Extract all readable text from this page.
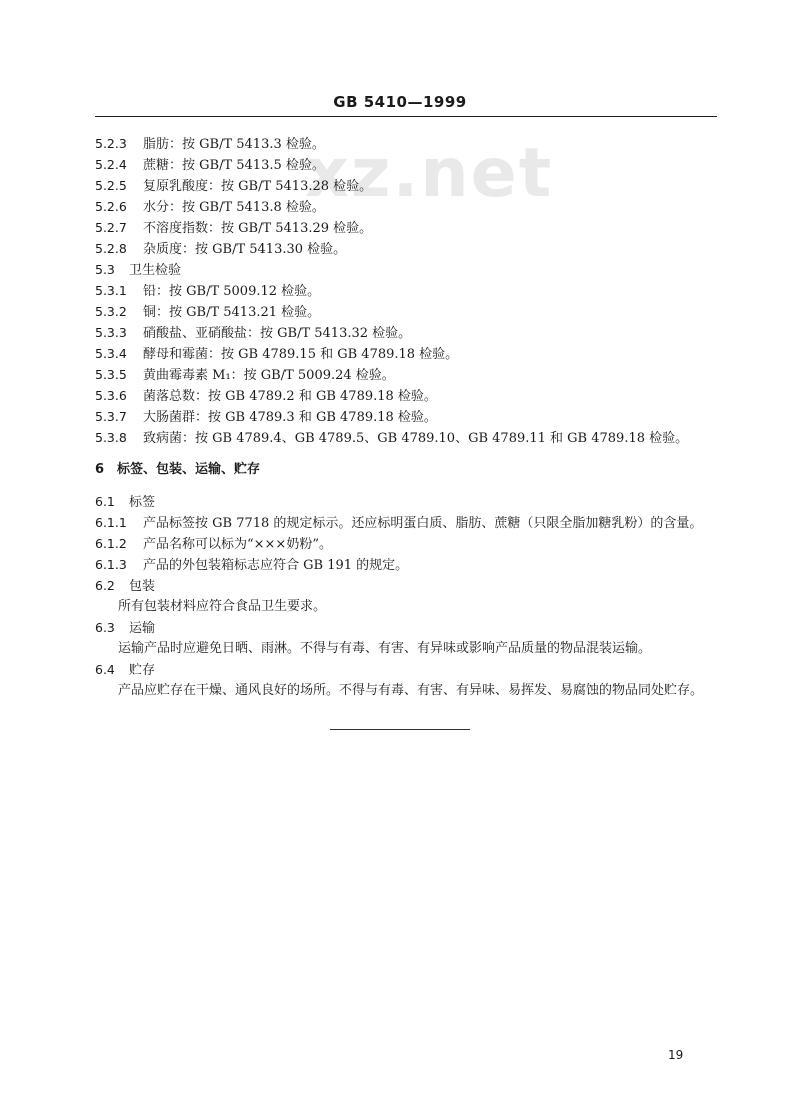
GB 5410—1999
xz.net
5.2.3 脂肪：按 GB/T 5413.3 检验。
5.2.4 蔗糖：按 GB/T 5413.5 检验。
5.2.5 复原乳酸度：按 GB/T 5413.28 检验。
5.2.6 水分：按 GB/T 5413.8 检验。
5.2.7 不溶度指数：按 GB/T 5413.29 检验。
5.2.8 杂质度：按 GB/T 5413.30 检验。
5.3 卫生检验
5.3.1 铅：按 GB/T 5009.12 检验。
5.3.2 铜：按 GB/T 5413.21 检验。
5.3.3 硝酸盐、亚硝酸盐：按 GB/T 5413.32 检验。
5.3.4 酵母和霉菌：按 GB 4789.15 和 GB 4789.18 检验。
5.3.5 黄曲霉毒素 M₁：按 GB/T 5009.24 检验。
5.3.6 菌落总数：按 GB 4789.2 和 GB 4789.18 检验。
5.3.7 大肠菌群：按 GB 4789.3 和 GB 4789.18 检验。
5.3.8 致病菌：按 GB 4789.4、GB 4789.5、GB 4789.10、GB 4789.11 和 GB 4789.18 检验。
6 标签、包装、运输、贮存
6.1 标签
6.1.1 产品标签按 GB 7718 的规定标示。还应标明蛋白质、脂肪、蔗糖（只限全脂加糖乳粉）的含量。
6.1.2 产品名称可以标为“×××奶粉”。
6.1.3 产品的外包装箱标志应符合 GB 191 的规定。
6.2 包装
所有包装材料应符合食品卫生要求。
6.3 运输
运输产品时应避免日晒、雨淋。不得与有毒、有害、有异味或影响产品质量的物品混装运输。
6.4 贮存
产品应贮存在干燥、通风良好的场所。不得与有毒、有害、有异味、易挥发、易腐蚀的物品同处贮存。
19
